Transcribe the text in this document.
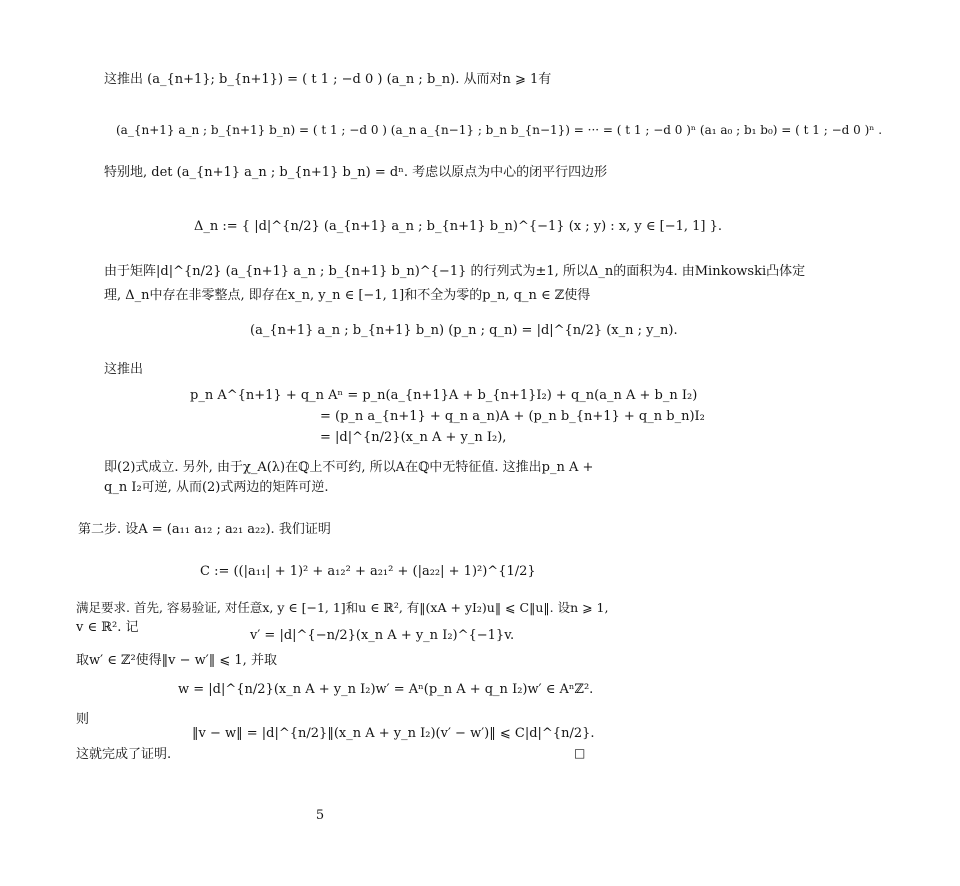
这推出 (a_{n+1}; b_{n+1}) = ( t 1 ; −d 0 ) (a_n ; b_n). 从而对n ⩾ 1有
(a_{n+1} a_n ; b_{n+1} b_n) = ( t 1 ; −d 0 ) (a_n a_{n−1} ; b_n b_{n−1}) = ··· = ( t 1 ; −d 0 )ⁿ (a₁ a₀ ; b₁ b₀) = ( t 1 ; −d 0 )ⁿ .
特别地, det (a_{n+1} a_n ; b_{n+1} b_n) = dⁿ. 考虑以原点为中心的闭平行四边形
Δ_n := { |d|^{n/2} (a_{n+1} a_n ; b_{n+1} b_n)^{−1} (x ; y) : x, y ∈ [−1, 1] }.
由于矩阵|d|^{n/2} (a_{n+1} a_n ; b_{n+1} b_n)^{−1} 的行列式为±1, 所以Δ_n的面积为4. 由Minkowski凸体定
理, Δ_n中存在非零整点, 即存在x_n, y_n ∈ [−1, 1]和不全为零的p_n, q_n ∈ ℤ使得
(a_{n+1} a_n ; b_{n+1} b_n) (p_n ; q_n) = |d|^{n/2} (x_n ; y_n).
这推出
p_n A^{n+1} + q_n Aⁿ = p_n(a_{n+1}A + b_{n+1}I₂) + q_n(a_n A + b_n I₂)
= (p_n a_{n+1} + q_n a_n)A + (p_n b_{n+1} + q_n b_n)I₂
= |d|^{n/2}(x_n A + y_n I₂),
即(2)式成立. 另外, 由于χ_A(λ)在ℚ上不可约, 所以A在ℚ中无特征值. 这推出p_n A +
q_n I₂可逆, 从而(2)式两边的矩阵可逆.
第二步. 设A = (a₁₁ a₁₂ ; a₂₁ a₂₂). 我们证明
C := ((|a₁₁| + 1)² + a₁₂² + a₂₁² + (|a₂₂| + 1)²)^{1/2}
满足要求. 首先, 容易验证, 对任意x, y ∈ [−1, 1]和u ∈ ℝ², 有‖(xA + yI₂)u‖ ⩽ C‖u‖. 设n ⩾ 1,
v ∈ ℝ². 记
v′ = |d|^{−n/2}(x_n A + y_n I₂)^{−1}v.
取w′ ∈ ℤ²使得‖v − w′‖ ⩽ 1, 并取
w = |d|^{n/2}(x_n A + y_n I₂)w′ = Aⁿ(p_n A + q_n I₂)w′ ∈ Aⁿℤ².
则
‖v − w‖ = |d|^{n/2}‖(x_n A + y_n I₂)(v′ − w′)‖ ⩽ C|d|^{n/2}.
这就完成了证明.	□
5
